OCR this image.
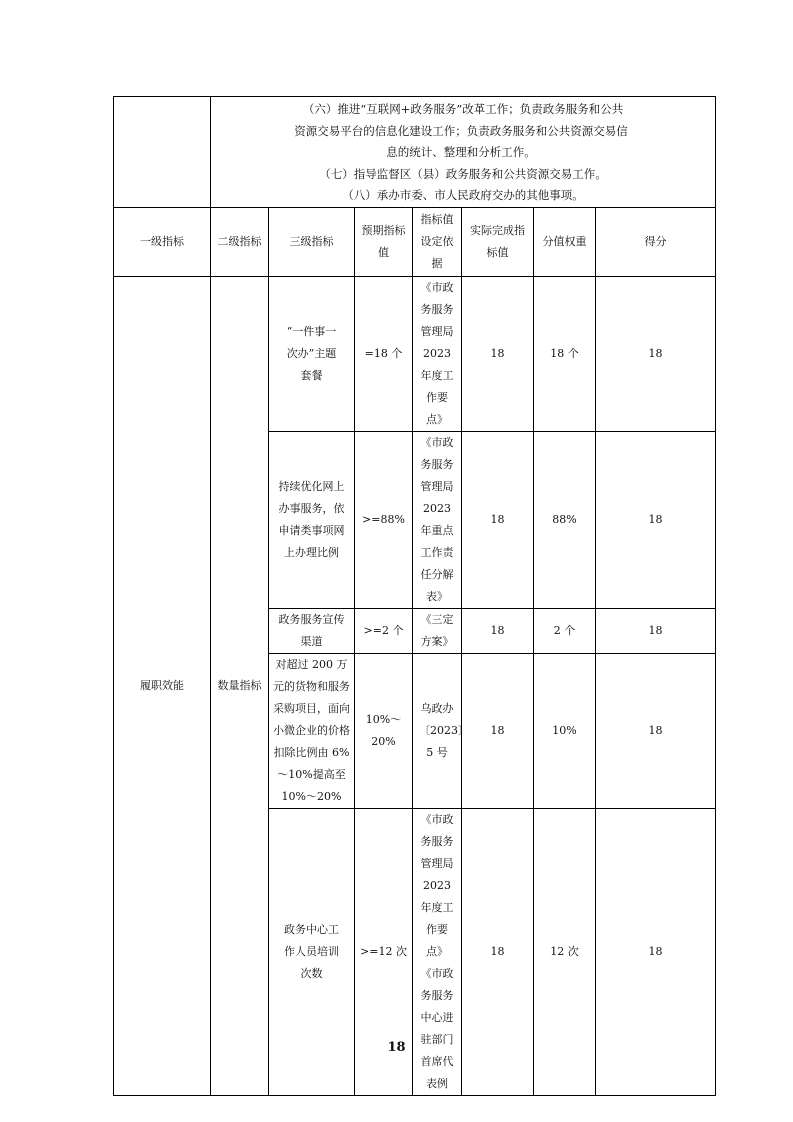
	（六）推进“互联网+政务服务”改革工作；负责政务服务和公共
资源交易平台的信息化建设工作；负责政务服务和公共资源交易信
息的统计、整理和分析工作。
（七）指导监督区（县）政务服务和公共资源交易工作。
（八）承办市委、市人民政府交办的其他事项。						

一级指标	二级指标	三级指标	预期指标值	指标值设定依据	实际完成指标值	分值权重	得分
履职效能	数量指标	“一件事一次办”主题套餐	=18 个	《市政务服务管理局2023年度工作要点》	18	18 个	18

		持续优化网上办事服务，依申请类事项网上办理比例	>=88%	《市政务服务管理局2023年重点工作责任分解表》	18	88%	18

		政务服务宣传渠道	>=2 个	《三定方案》	18	2 个	18

		对超过 200 万元的货物和服务采购项目，面向小微企业的价格扣除比例由 6%～10%提高至 10%～20%	10%～20%	乌政办〔2023〕5 号	18	10%	18

		政务中心工作人员培训次数	>=12 次	《市政务服务管理局2023年度工作要点》《市政务服务中心进驻部门首席代表例	18	12 次	18
18
